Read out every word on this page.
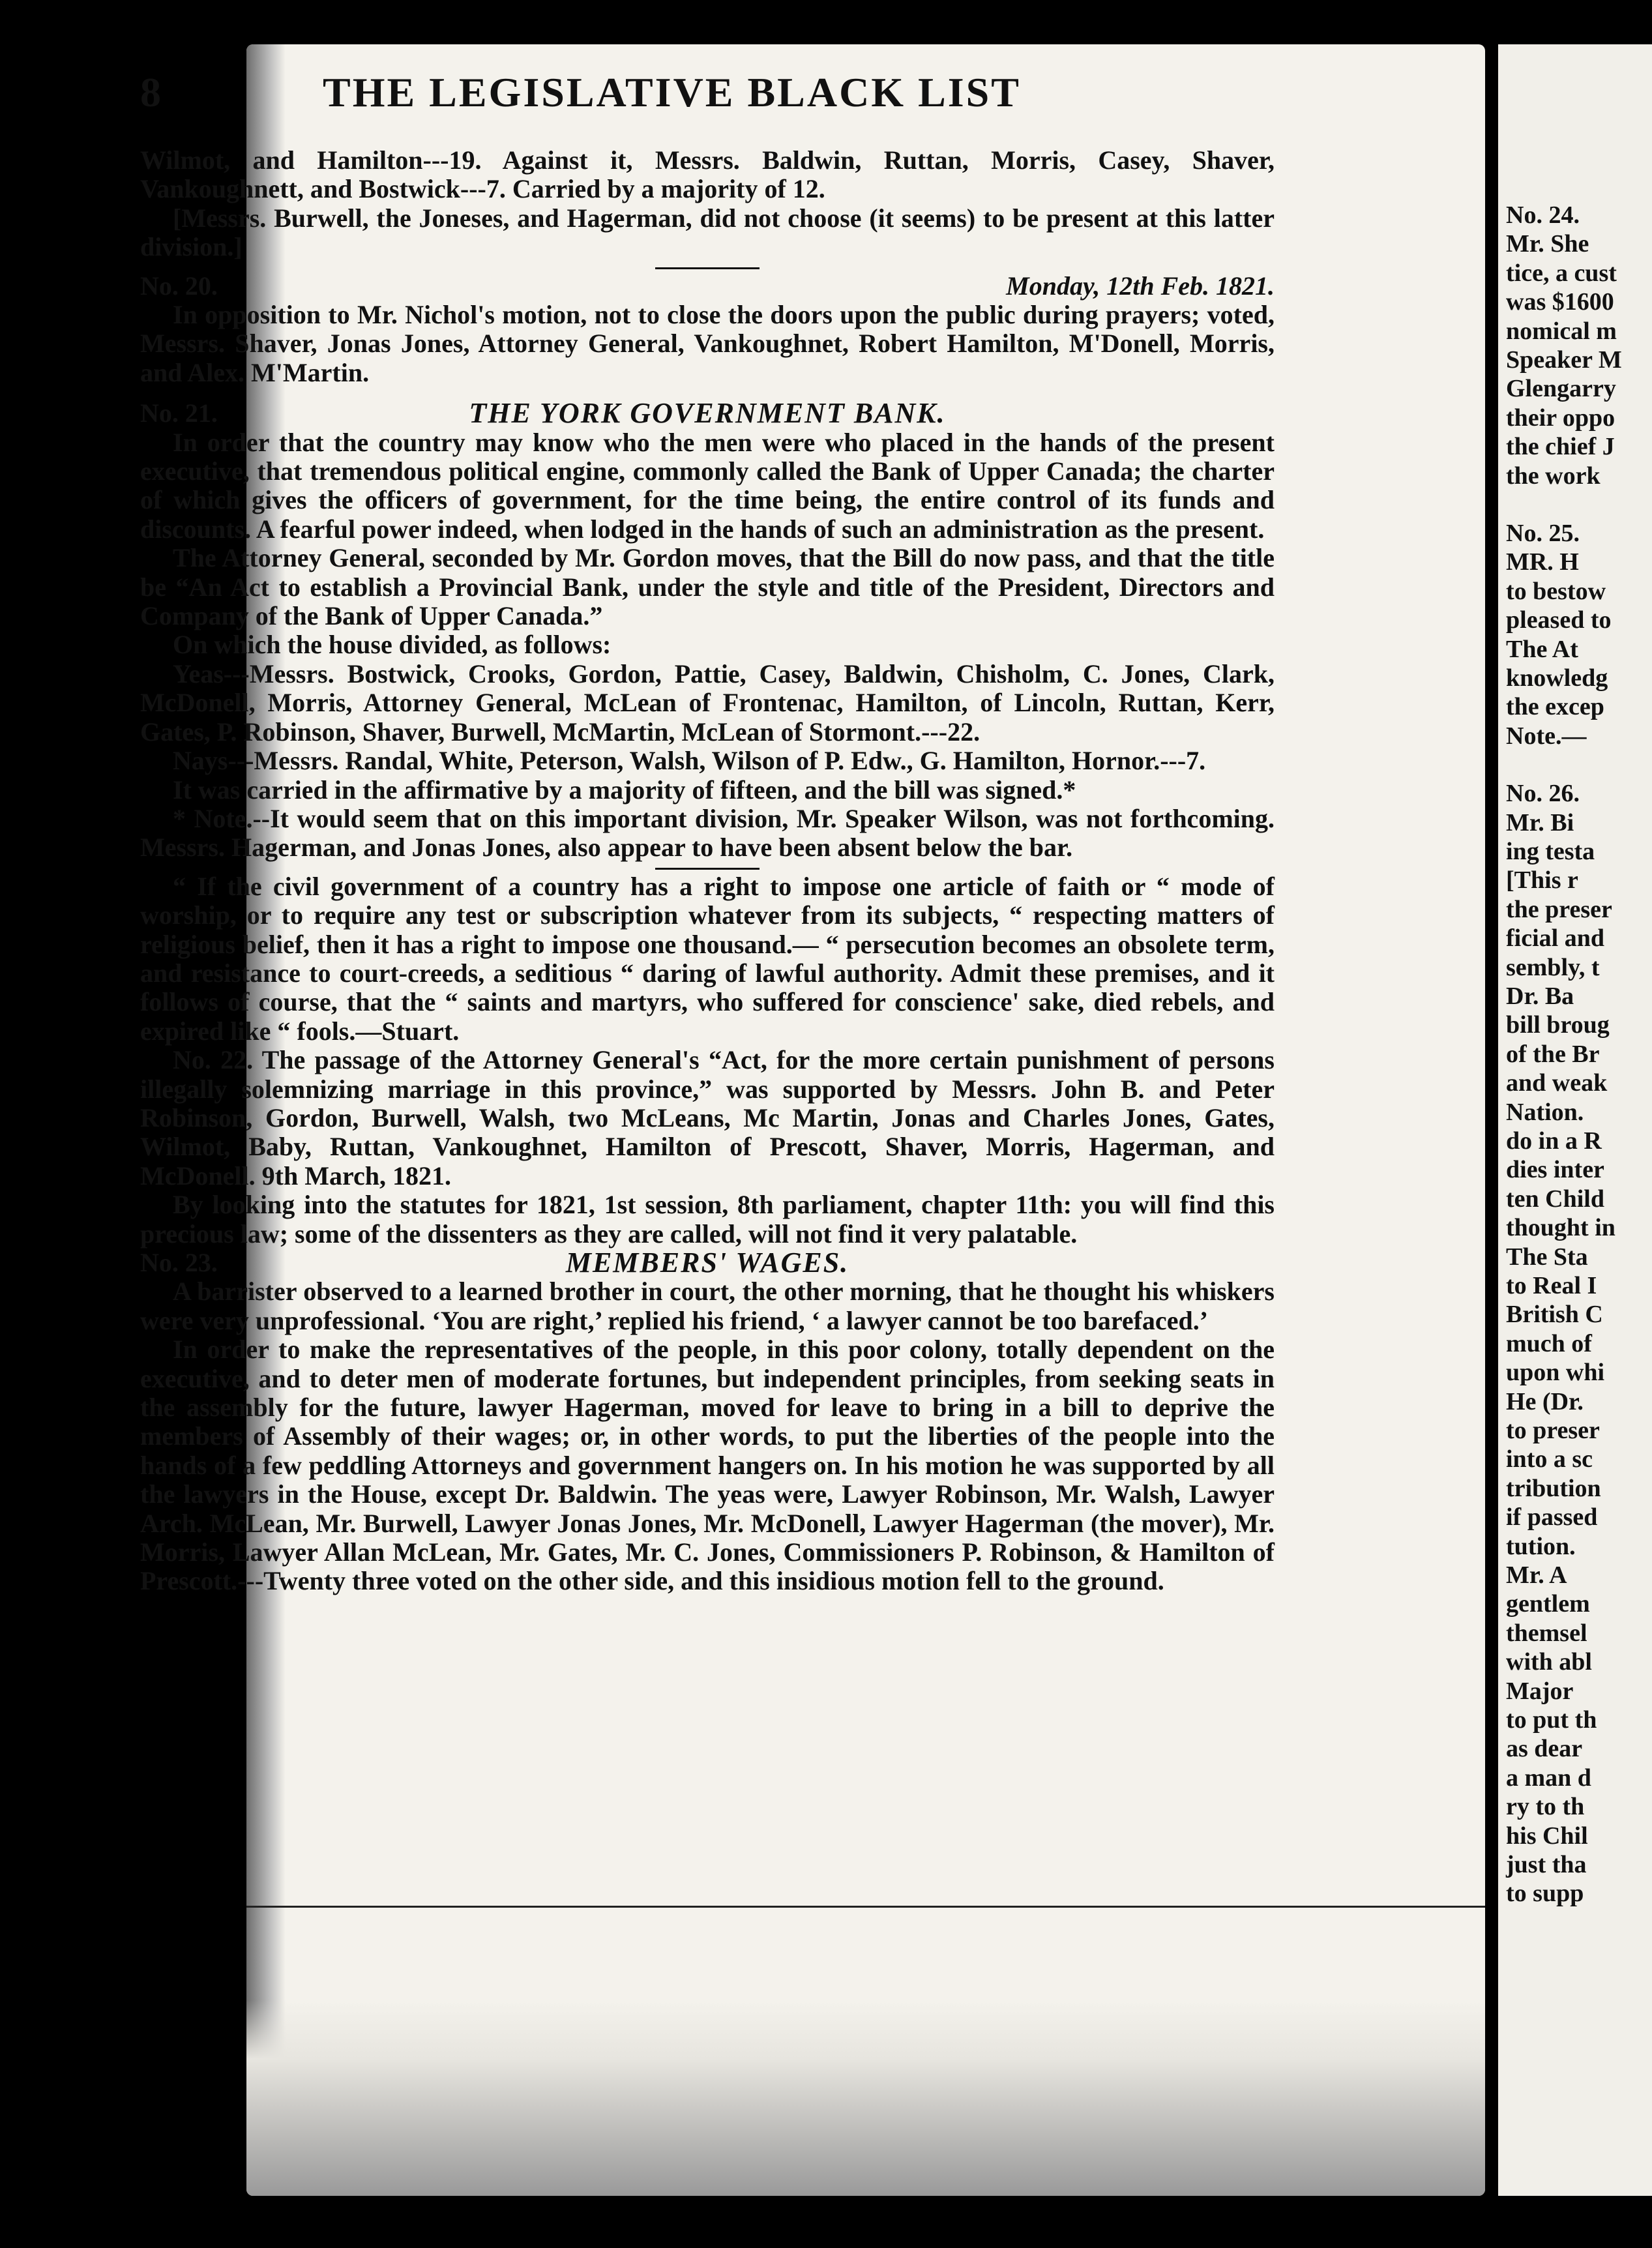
8	THE LEGISLATIVE BLACK LIST

Wilmot, and Hamilton---19. Against it, Messrs. Baldwin, Ruttan, Morris, Casey, Shaver, Vankoughnett, and Bostwick---7. Carried by a majority of 12.

[Messrs. Burwell, the Joneses, and Hagerman, did not choose (it seems) to be present at this latter division.]

No. 20.	Monday, 12th Feb. 1821.

In opposition to Mr. Nichol's motion, not to close the doors upon the public during prayers; voted, Messrs. Shaver, Jonas Jones, Attorney General, Vankoughnet, Robert Hamilton, M'Donell, Morris, and Alex. M'Martin.

No. 21.	THE YORK GOVERNMENT BANK.

In order that the country may know who the men were who placed in the hands of the present executive, that tremendous political engine, commonly called the Bank of Upper Canada; the charter of which gives the officers of government, for the time being, the entire control of its funds and discounts. A fearful power indeed, when lodged in the hands of such an administration as the present.

The Attorney General, seconded by Mr. Gordon moves, that the Bill do now pass, and that the title be “An Act to establish a Provincial Bank, under the style and title of the President, Directors and Company of the Bank of Upper Canada.”

On which the house divided, as follows:

Yeas---Messrs. Bostwick, Crooks, Gordon, Pattie, Casey, Baldwin, Chisholm, C. Jones, Clark, McDonell, Morris, Attorney General, McLean of Frontenac, Hamilton, of Lincoln, Ruttan, Kerr, Gates, P. Robinson, Shaver, Burwell, McMartin, McLean of Stormont.---22.

Nays---Messrs. Randal, White, Peterson, Walsh, Wilson of P. Edw., G. Hamilton, Hornor.---7.

It was carried in the affirmative by a majority of fifteen, and the bill was signed.*

* Note.--It would seem that on this important division, Mr. Speaker Wilson, was not forthcoming. Messrs. Hagerman, and Jonas Jones, also appear to have been absent below the bar.

“ If the civil government of a country has a right to impose one article of faith or “ mode of worship, or to require any test or subscription whatever from its subjects, “ respecting matters of religious belief, then it has a right to impose one thousand.— “ persecution becomes an obsolete term, and resistance to court-creeds, a seditious “ daring of lawful authority. Admit these premises, and it follows of course, that the “ saints and martyrs, who suffered for conscience' sake, died rebels, and expired like “ fools.—Stuart.

No. 22. The passage of the Attorney General's “Act, for the more certain punishment of persons illegally solemnizing marriage in this province,” was supported by Messrs. John B. and Peter Robinson, Gordon, Burwell, Walsh, two McLeans, Mc Martin, Jonas and Charles Jones, Gates, Wilmot, Baby, Ruttan, Vankoughnet, Hamilton of Prescott, Shaver, Morris, Hagerman, and McDonell. 9th March, 1821.

By looking into the statutes for 1821, 1st session, 8th parliament, chapter 11th: you will find this precious law; some of the dissenters as they are called, will not find it very palatable.

No. 23.	MEMBERS' WAGES.

A barrister observed to a learned brother in court, the other morning, that he thought his whiskers were very unprofessional. ‘You are right,’ replied his friend, ‘ a lawyer cannot be too barefaced.’

In order to make the representatives of the people, in this poor colony, totally dependent on the executive, and to deter men of moderate fortunes, but independent principles, from seeking seats in the assembly for the future, lawyer Hagerman, moved for leave to bring in a bill to deprive the members of Assembly of their wages; or, in other words, to put the liberties of the people into the hands of a few peddling Attorneys and government hangers on. In his motion he was supported by all the lawyers in the House, except Dr. Baldwin. The yeas were, Lawyer Robinson, Mr. Walsh, Lawyer Arch. McLean, Mr. Burwell, Lawyer Jonas Jones, Mr. McDonell, Lawyer Hagerman (the mover), Mr. Morris, Lawyer Allan McLean, Mr. Gates, Mr. C. Jones, Commissioners P. Robinson, & Hamilton of Prescott.---Twenty three voted on the other side, and this insidious motion fell to the ground.

No. 24.
Mr. She
tice, a cust
was $1600
nomical m
Speaker M
Glengarry
their oppo
the chief J
the work
No. 25.
MR. H
to bestow
pleased to
The At
knowledg
the excep
Note.—
No. 26.
Mr. Bi
ing testa
[This r
the preser
ficial and
sembly, t
Dr. Ba
bill broug
of the Br
and weak
Nation.
do in a R
dies inter
ten Child
thought in
The Sta
to Real I
British C
much of
upon whi
He (Dr.
to preser
into a sc
tribution
if passed
tution.
Mr. A
gentlem
themsel
with abl
Major
to put th
as dear
a man d
ry to th
his Chil
just tha
to supp
